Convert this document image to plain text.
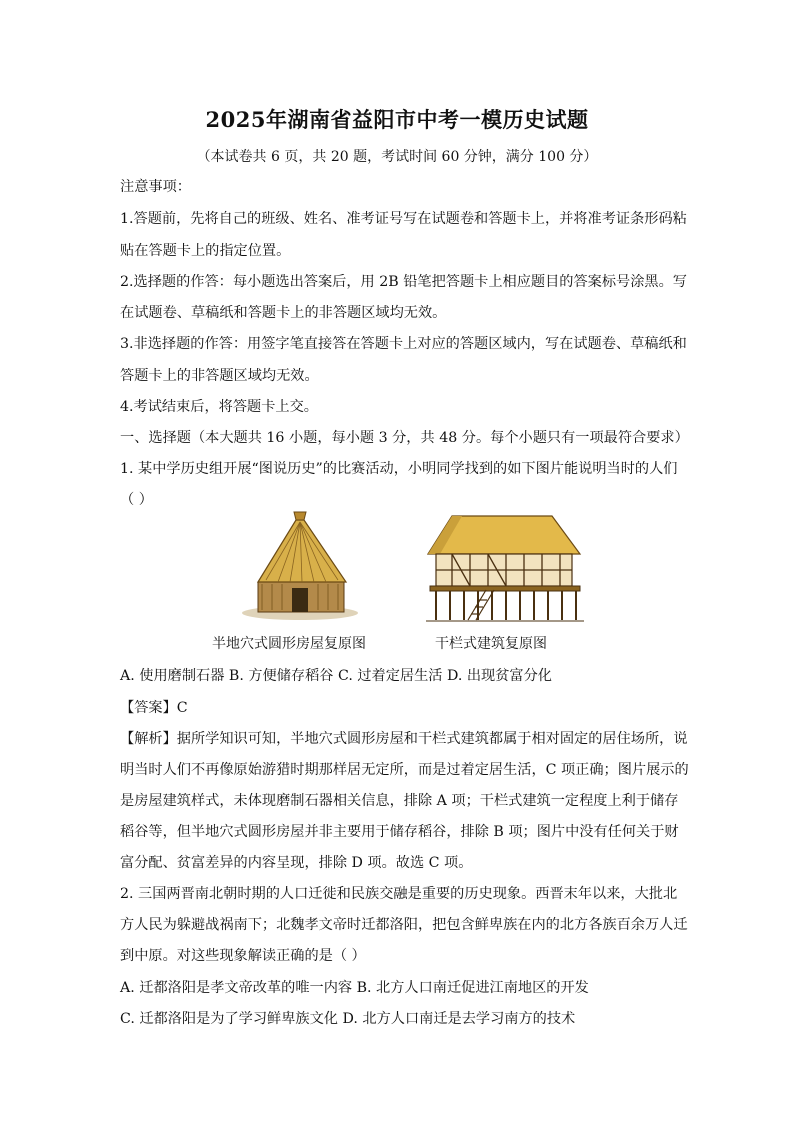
2025年湖南省益阳市中考一模历史试题
（本试卷共 6 页，共 20 题，考试时间 60 分钟，满分 100 分）
注意事项：
1.答题前，先将自己的班级、姓名、准考证号写在试题卷和答题卡上，并将准考证条形码粘
贴在答题卡上的指定位置。
2.选择题的作答：每小题选出答案后，用 2B 铅笔把答题卡上相应题目的答案标号涂黑。写
在试题卷、草稿纸和答题卡上的非答题区域均无效。
3.非选择题的作答：用签字笔直接答在答题卡上对应的答题区域内，写在试题卷、草稿纸和
答题卡上的非答题区域均无效。
4.考试结束后，将答题卡上交。
一、选择题（本大题共 16 小题，每小题 3 分，共 48 分。每个小题只有一项最符合要求）
1. 某中学历史组开展“图说历史”的比赛活动，小明同学找到的如下图片能说明当时的人们
（ ）
半地穴式圆形房屋复原图	干栏式建筑复原图
A. 使用磨制石器 B. 方便储存稻谷 C. 过着定居生活 D. 出现贫富分化
【答案】C
【解析】据所学知识可知，半地穴式圆形房屋和干栏式建筑都属于相对固定的居住场所，说
明当时人们不再像原始游猎时期那样居无定所，而是过着定居生活，C 项正确；图片展示的
是房屋建筑样式，未体现磨制石器相关信息，排除 A 项；干栏式建筑一定程度上利于储存
稻谷等，但半地穴式圆形房屋并非主要用于储存稻谷，排除 B 项；图片中没有任何关于财
富分配、贫富差异的内容呈现，排除 D 项。故选 C 项。
2. 三国两晋南北朝时期的人口迁徙和民族交融是重要的历史现象。西晋末年以来，大批北
方人民为躲避战祸南下；北魏孝文帝时迁都洛阳，把包含鲜卑族在内的北方各族百余万人迁
到中原。对这些现象解读正确的是（ ）
A. 迁都洛阳是孝文帝改革的唯一内容 B. 北方人口南迁促进江南地区的开发
C. 迁都洛阳是为了学习鲜卑族文化 D. 北方人口南迁是去学习南方的技术
